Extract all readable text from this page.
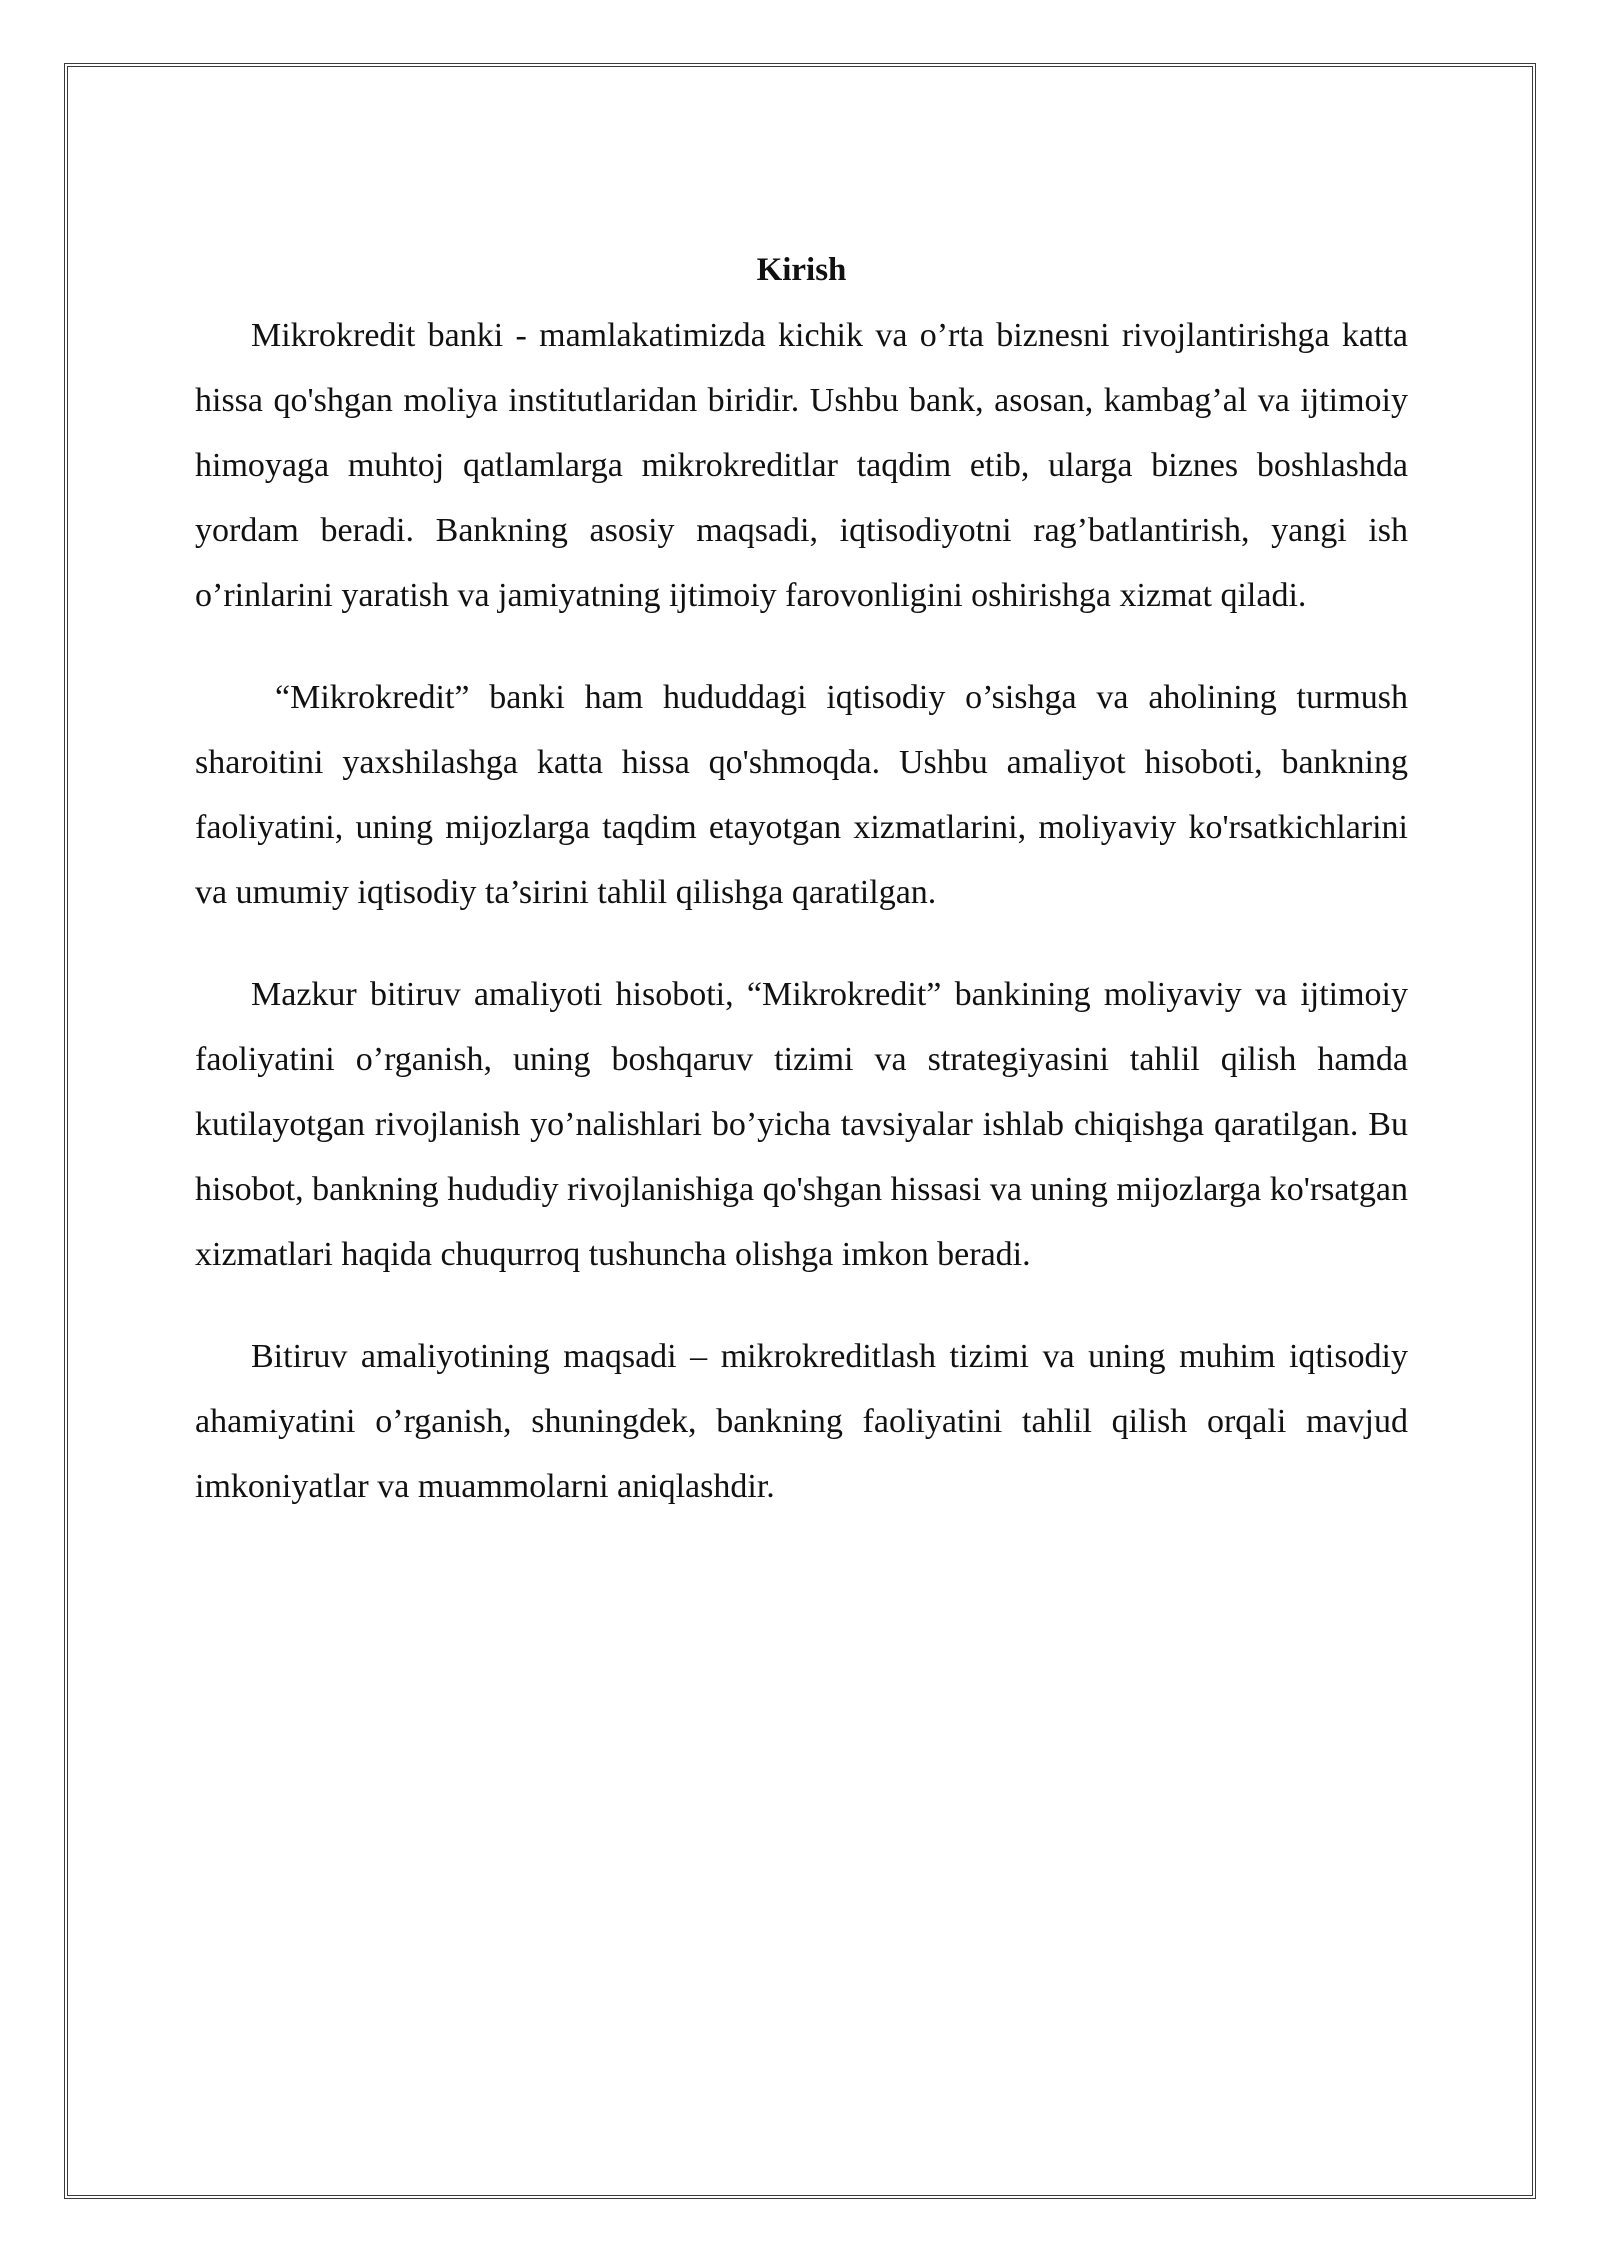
Kirish

Mikrokredit banki - mamlakatimizda kichik va o’rta biznesni rivojlantirishga katta hissa qo'shgan moliya institutlaridan biridir. Ushbu bank, asosan, kambag’al va ijtimoiy himoyaga muhtoj qatlamlarga mikrokreditlar taqdim etib, ularga biznes boshlashda yordam beradi. Bankning asosiy maqsadi, iqtisodiyotni rag’batlantirish, yangi ish o’rinlarini yaratish va jamiyatning ijtimoiy farovonligini oshirishga xizmat qiladi.

“Mikrokredit” banki ham hududdagi iqtisodiy o’sishga va aholining turmush sharoitini yaxshilashga katta hissa qo'shmoqda. Ushbu amaliyot hisoboti, bankning faoliyatini, uning mijozlarga taqdim etayotgan xizmatlarini, moliyaviy ko'rsatkichlarini va umumiy iqtisodiy ta’sirini tahlil qilishga qaratilgan.

Mazkur bitiruv amaliyoti hisoboti, “Mikrokredit” bankining moliyaviy va ijtimoiy faoliyatini o’rganish, uning boshqaruv tizimi va strategiyasini tahlil qilish hamda kutilayotgan rivojlanish yo’nalishlari bo’yicha tavsiyalar ishlab chiqishga qaratilgan. Bu hisobot, bankning hududiy rivojlanishiga qo'shgan hissasi va uning mijozlarga ko'rsatgan xizmatlari haqida chuqurroq tushuncha olishga imkon beradi.

Bitiruv amaliyotining maqsadi – mikrokreditlash tizimi va uning muhim iqtisodiy ahamiyatini o’rganish, shuningdek, bankning faoliyatini tahlil qilish orqali mavjud imkoniyatlar va muammolarni aniqlashdir.
